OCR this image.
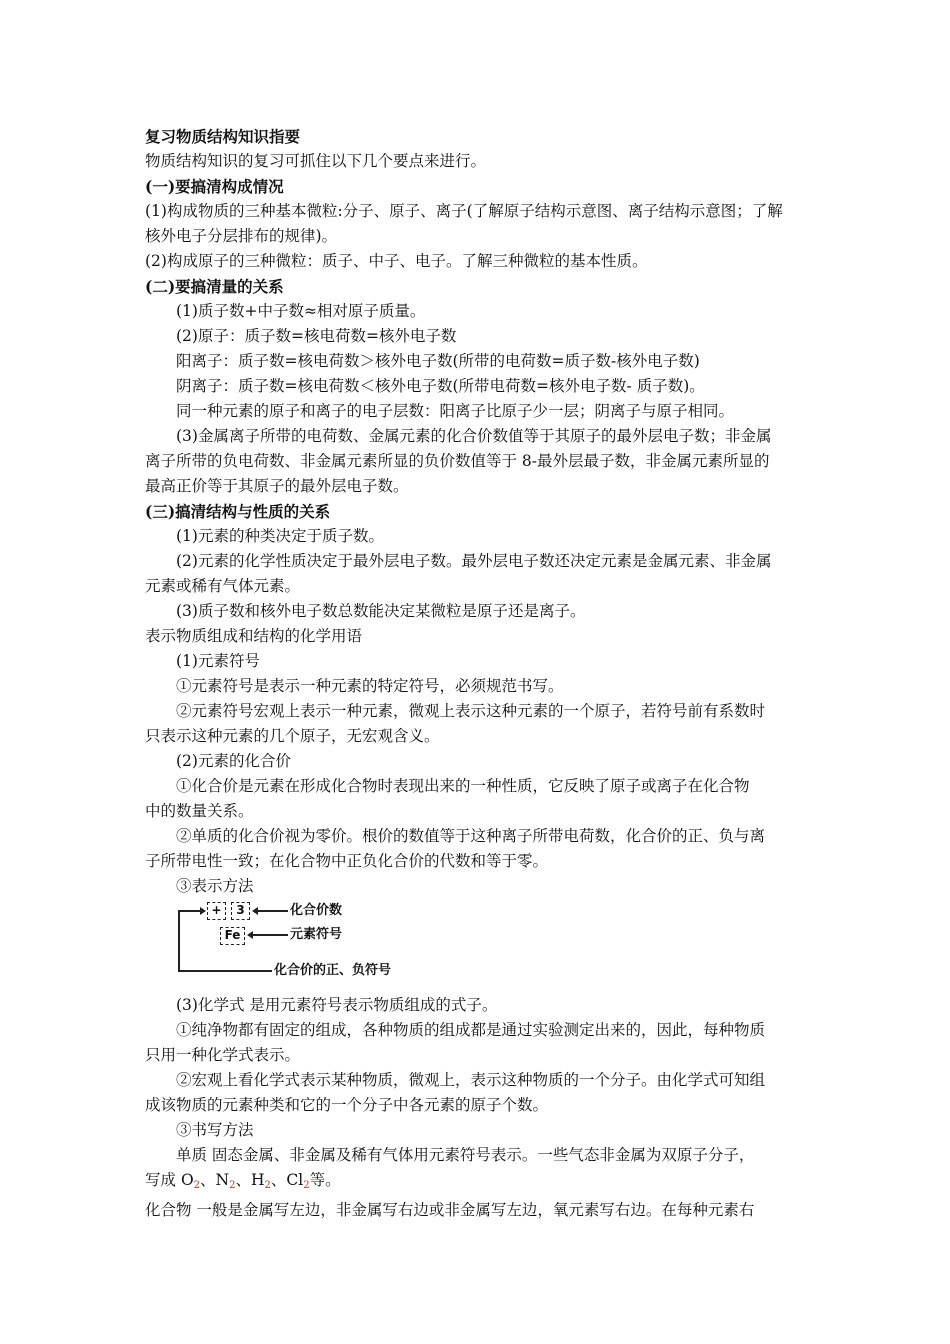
复习物质结构知识指要
物质结构知识的复习可抓住以下几个要点来进行。
(一)要搞清构成情况
(1)构成物质的三种基本微粒:分子、原子、离子(了解原子结构示意图、离子结构示意图；了解
核外电子分层排布的规律)。
(2)构成原子的三种微粒：质子、中子、电子。了解三种微粒的基本性质。
(二)要搞清量的关系
(1)质子数+中子数≈相对原子质量。
(2)原子：质子数=核电荷数=核外电子数
阳离子：质子数=核电荷数＞核外电子数(所带的电荷数=质子数-核外电子数)
阴离子：质子数=核电荷数＜核外电子数(所带电荷数=核外电子数- 质子数)。
同一种元素的原子和离子的电子层数：阳离子比原子少一层；阴离子与原子相同。
(3)金属离子所带的电荷数、金属元素的化合价数值等于其原子的最外层电子数；非金属
离子所带的负电荷数、非金属元素所显的负价数值等于 8-最外层最子数，非金属元素所显的
最高正价等于其原子的最外层电子数。
(三)搞清结构与性质的关系
(1)元素的种类决定于质子数。
(2)元素的化学性质决定于最外层电子数。最外层电子数还决定元素是金属元素、非金属
元素或稀有气体元素。
(3)质子数和核外电子数总数能决定某微粒是原子还是离子。
表示物质组成和结构的化学用语
(1)元素符号
①元素符号是表示一种元素的特定符号，必须规范书写。
②元素符号宏观上表示一种元素，微观上表示这种元素的一个原子，若符号前有系数时
只表示这种元素的几个原子，无宏观含义。
(2)元素的化合价
①化合价是元素在形成化合物时表现出来的一种性质，它反映了原子或离子在化合物
中的数量关系。
②单质的化合价视为零价。根价的数值等于这种离子所带电荷数，化合价的正、负与离
子所带电性一致；在化合物中正负化合价的代数和等于零。
③表示方法
+	3
Fe
化合价数
元素符号
化合价的正、负符号
(3)化学式 是用元素符号表示物质组成的式子。
①纯净物都有固定的组成，各种物质的组成都是通过实验测定出来的，因此，每种物质
只用一种化学式表示。
②宏观上看化学式表示某种物质，微观上，表示这种物质的一个分子。由化学式可知组
成该物质的元素种类和它的一个分子中各元素的原子个数。
③书写方法
单质 固态金属、非金属及稀有气体用元素符号表示。一些气态非金属为双原子分子，
写成 $O_2$、$N_2$、$H_2$、$Cl_2$等。
化合物 一般是金属写左边，非金属写右边或非金属写左边，氧元素写右边。在每种元素右
